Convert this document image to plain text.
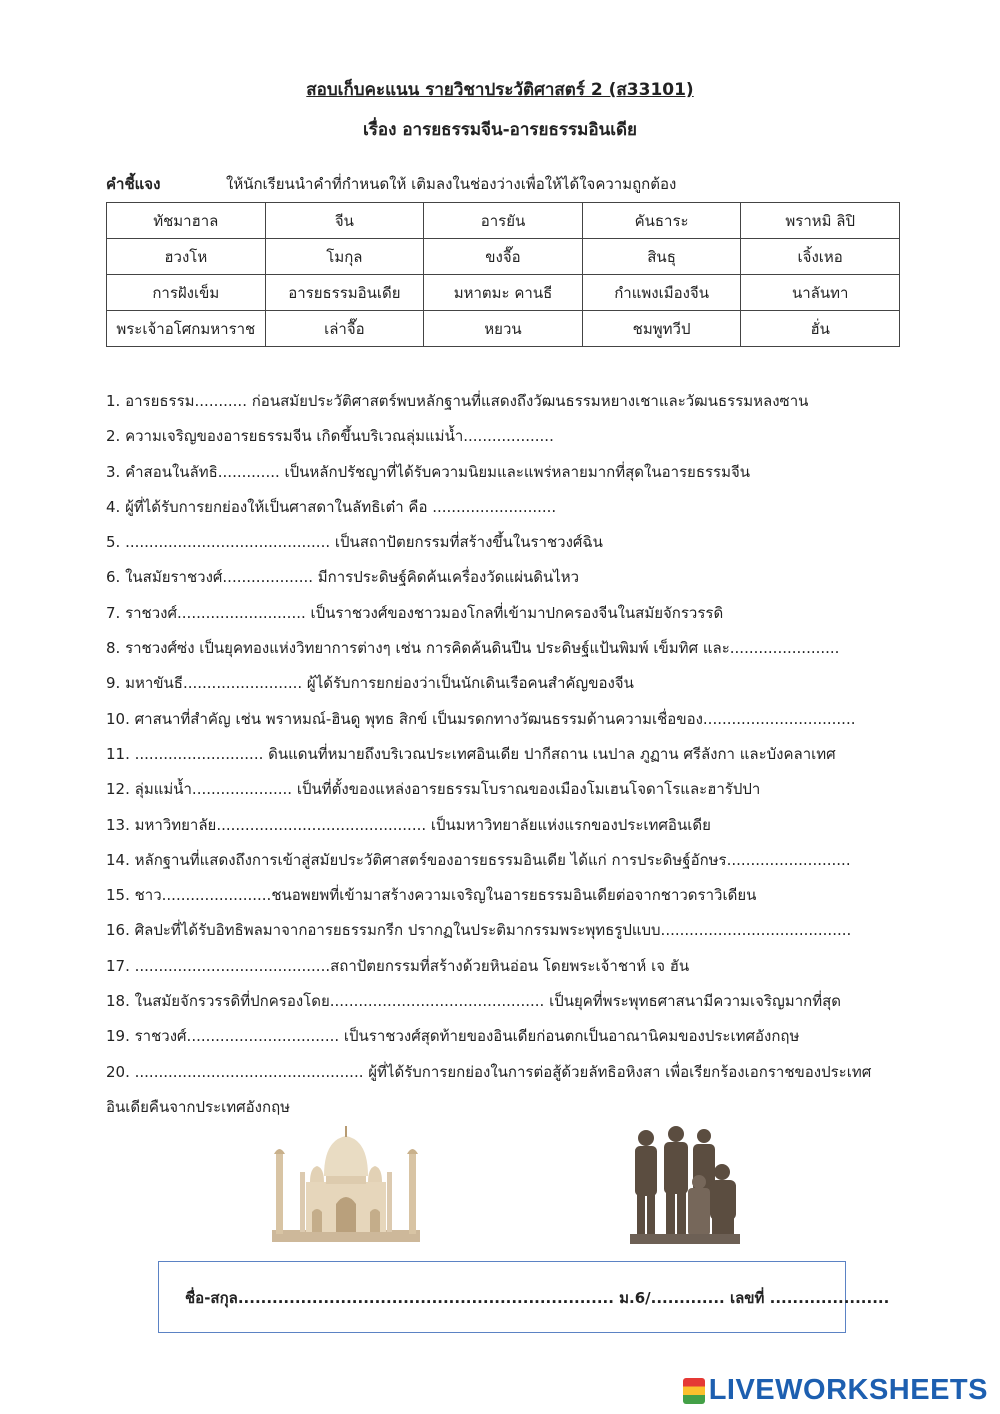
สอบเก็บคะแนน รายวิชาประวัติศาสตร์ 2 (ส33101)
เรื่อง อารยธรรมจีน-อารยธรรมอินเดีย
คำชี้แจง	ให้นักเรียนนำคำที่กำหนดให้ เติมลงในช่องว่างเพื่อให้ได้ใจความถูกต้อง
ทัชมาฮาล	จีน	อารยัน	คันธาระ	พราหมิ ลิปิ
ฮวงโห	โมกุล	ขงจื๊อ	สินธุ	เจิ้งเหอ
การฝังเข็ม	อารยธรรมอินเดีย	มหาตมะ คานธี	กำแพงเมืองจีน	นาลันทา
พระเจ้าอโศกมหาราช	เล่าจื๊อ	หยวน	ชมพูทวีป	ฮั่น
1. อารยธรรม........... ก่อนสมัยประวัติศาสตร์พบหลักฐานที่แสดงถึงวัฒนธรรมหยางเชาและวัฒนธรรมหลงซาน
2. ความเจริญของอารยธรรมจีน เกิดขึ้นบริเวณลุ่มแม่น้ำ...................
3. คำสอนในลัทธิ............. เป็นหลักปรัชญาที่ได้รับความนิยมและแพร่หลายมากที่สุดในอารยธรรมจีน
4. ผู้ที่ได้รับการยกย่องให้เป็นศาสดาในลัทธิเต๋า คือ ..........................
5. ........................................... เป็นสถาปัตยกรรมที่สร้างขึ้นในราชวงศ์ฉิน
6. ในสมัยราชวงศ์................... มีการประดิษฐ์คิดค้นเครื่องวัดแผ่นดินไหว
7. ราชวงศ์........................... เป็นราชวงศ์ของชาวมองโกลที่เข้ามาปกครองจีนในสมัยจักรวรรดิ
8. ราชวงศ์ซ่ง เป็นยุคทองแห่งวิทยาการต่างๆ เช่น การคิดค้นดินปืน ประดิษฐ์แป้นพิมพ์ เข็มทิศ และ.......................
9. มหาขันธี......................... ผู้ได้รับการยกย่องว่าเป็นนักเดินเรือคนสำคัญของจีน
10. ศาสนาที่สำคัญ เช่น พราหมณ์-ฮินดู พุทธ สิกข์ เป็นมรดกทางวัฒนธรรมด้านความเชื่อของ................................
11. ........................... ดินแดนที่หมายถึงบริเวณประเทศอินเดีย ปากีสถาน เนปาล ภูฏาน ศรีลังกา และบังคลาเทศ
12. ลุ่มแม่น้ำ..................... เป็นที่ตั้งของแหล่งอารยธรรมโบราณของเมืองโมเฮนโจดาโรและฮารัปปา
13. มหาวิทยาลัย............................................ เป็นมหาวิทยาลัยแห่งแรกของประเทศอินเดีย
14. หลักฐานที่แสดงถึงการเข้าสู่สมัยประวัติศาสตร์ของอารยธรรมอินเดีย ได้แก่ การประดิษฐ์อักษร..........................
15. ชาว.......................ชนอพยพที่เข้ามาสร้างความเจริญในอารยธรรมอินเดียต่อจากชาวดราวิเดียน
16. ศิลปะที่ได้รับอิทธิพลมาจากอารยธรรมกรีก ปรากฏในประติมากรรมพระพุทธรูปแบบ........................................
17. .........................................สถาปัตยกรรมที่สร้างด้วยหินอ่อน โดยพระเจ้าชาห์ เจ ฮัน
18. ในสมัยจักรวรรดิที่ปกครองโดย............................................. เป็นยุคที่พระพุทธศาสนามีความเจริญมากที่สุด
19. ราชวงศ์................................ เป็นราชวงศ์สุดท้ายของอินเดียก่อนตกเป็นอาณานิคมของประเทศอังกฤษ
20. ................................................ ผู้ที่ได้รับการยกย่องในการต่อสู้ด้วยลัทธิอหิงสา เพื่อเรียกร้องเอกราชของประเทศอินเดียคืนจากประเทศอังกฤษ
ชื่อ-สกุล.................................................................. ม.6/............. เลขที่ .....................
LIVEWORKSHEETS
